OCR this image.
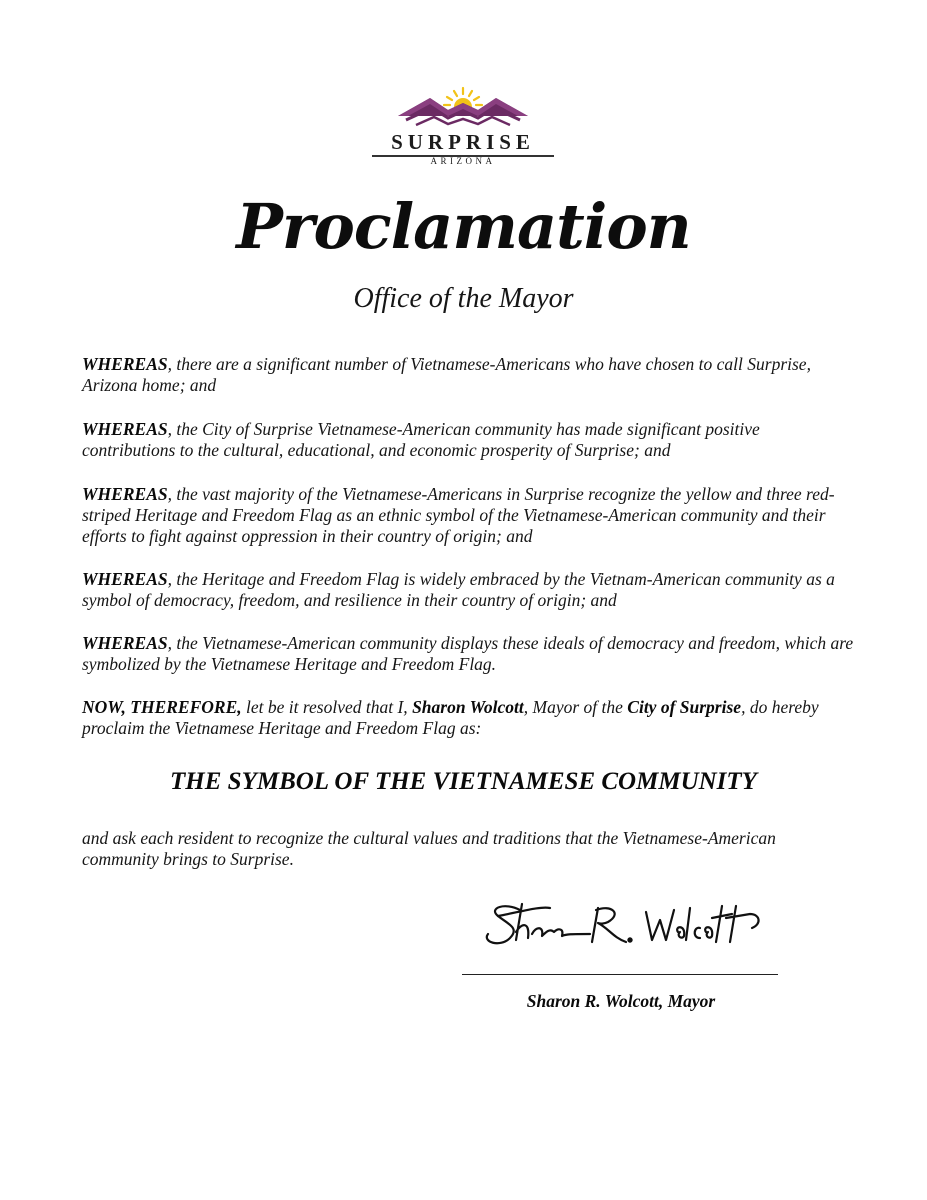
SURPRISE
ARIZONA
Proclamation
Office of the Mayor

WHEREAS, there are a significant number of Vietnamese-Americans who have chosen to call Surprise, Arizona home; and

WHEREAS, the City of Surprise Vietnamese-American community has made significant positive contributions to the cultural, educational, and economic prosperity of Surprise; and

WHEREAS, the vast majority of the Vietnamese-Americans in Surprise recognize the yellow and three red-striped Heritage and Freedom Flag as an ethnic symbol of the Vietnamese-American community and their efforts to fight against oppression in their country of origin; and

WHEREAS, the Heritage and Freedom Flag is widely embraced by the Vietnam-American community as a symbol of democracy, freedom, and resilience in their country of origin; and

WHEREAS, the Vietnamese-American community displays these ideals of democracy and freedom, which are symbolized by the Vietnamese Heritage and Freedom Flag.

NOW, THEREFORE, let be it resolved that I, Sharon Wolcott, Mayor of the City of Surprise, do hereby proclaim the Vietnamese Heritage and Freedom Flag as:

THE SYMBOL OF THE VIETNAMESE COMMUNITY

and ask each resident to recognize the cultural values and traditions that the Vietnamese-American community brings to Surprise.

Sharon R. Wolcott, Mayor
